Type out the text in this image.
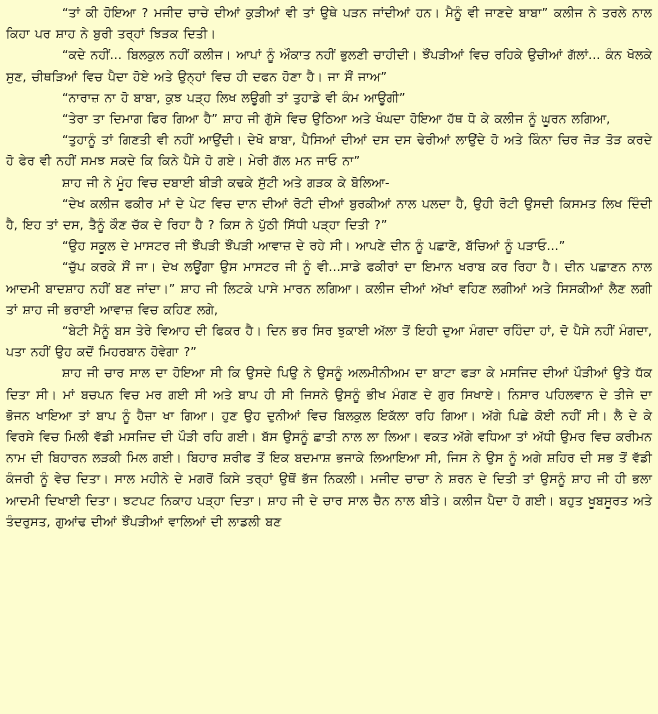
“ਤਾਂ ਕੀ ਹੋਇਆ ? ਮਜੀਦ ਚਾਚੇ ਦੀਆਂ ਕੁੜੀਆਂ ਵੀ ਤਾਂ ਉਥੇ ਪੜਨ ਜਾਂਦੀਆਂ ਹਨ। ਮੈਨੂੰ ਵੀ ਜਾਣਦੇ ਬਾਬਾ” ਕਲੀਜ ਨੇ ਤਰਲੇ ਨਾਲ ਕਿਹਾ ਪਰ ਸ਼ਾਹ ਨੇ ਬੁਰੀ ਤਰ੍ਹਾਂ ਝਿੜਕ ਦਿਤੀ।

“ਕਦੇ ਨਹੀਂ... ਬਿਲਕੁਲ ਨਹੀਂ ਕਲੀਜ। ਆਪਾਂ ਨੂੰ ਔਕਾਤ ਨਹੀਂ ਭੁਲਣੀ ਚਾਹੀਦੀ। ਝੌਂਪੜੀਆਂ ਵਿਚ ਰਹਿਕੇ ਉਚੀਆਂ ਗੱਲਾਂ... ਕੰਨ ਖੋਲਕੇ ਸੁਣ, ਚੀਥੜਿਆਂ ਵਿਚ ਪੈਦਾ ਹੋਏ ਅਤੇ ਉਨ੍ਹਾਂ ਵਿਚ ਹੀ ਦਫਨ ਹੋਣਾ ਹੈ। ਜਾ ਸੌਂ ਜਾਅ”

“ਨਾਰਾਜ਼ ਨਾ ਹੋ ਬਾਬਾ, ਕੁਝ ਪੜ੍ਹ ਲਿਖ ਲਊਗੀ ਤਾਂ ਤੁਹਾਡੇ ਵੀ ਕੰਮ ਆਊਗੀ”

“ਤੇਰਾ ਤਾ ਦਿਮਾਗ ਫਿਰ ਗਿਆ ਹੈ” ਸ਼ਾਹ ਜੀ ਗੁੱਸੇ ਵਿਚ ਉਠਿਆ ਅਤੇ ਖੰਘਦਾ ਹੋਇਆ ਹੱਥ ਧੋ ਕੇ ਕਲੀਜ ਨੂੰ ਘੂਰਨ ਲਗਿਆ,

“ਤੁਹਾਨੂੰ ਤਾਂ ਗਿਣਤੀ ਵੀ ਨਹੀਂ ਆਉਂਦੀ। ਦੇਖੋ ਬਾਬਾ, ਪੈਸਿਆਂ ਦੀਆਂ ਦਸ ਦਸ ਢੇਰੀਆਂ ਲਾਉਂਦੇ ਹੋ ਅਤੇ ਕਿੰਨਾ ਚਿਰ ਜੋੜ ਤੋੜ ਕਰਦੇ ਹੋ ਫੇਰ ਵੀ ਨਹੀਂ ਸਮਝ ਸਕਦੇ ਕਿ ਕਿਨੇ ਪੈਸੇ ਹੋ ਗਏ। ਮੇਰੀ ਗੱਲ ਮਨ ਜਾਓ ਨਾ”

ਸ਼ਾਹ ਜੀ ਨੇ ਮੂੰਹ ਵਿਚ ਦਬਾਈ ਬੀੜੀ ਕਢਕੇ ਸੁੱਟੀ ਅਤੇ ਗੜਕ ਕੇ ਬੋਲਿਆ-

“ਦੇਖ ਕਲੀਜ ਫਕੀਰ ਮਾਂ ਦੇ ਪੇਟ ਵਿਚ ਦਾਨ ਦੀਆਂ ਰੋਟੀ ਦੀਆਂ ਬੁਰਕੀਆਂ ਨਾਲ ਪਲਦਾ ਹੈ, ਉਹੀ ਰੋਟੀ ਉਸਦੀ ਕਿਸਮਤ ਲਿਖ ਦਿੰਦੀ ਹੈ, ਇਹ ਤਾਂ ਦਸ, ਤੈਨੂੰ ਕੌਣ ਚੱਕ ਦੇ ਰਿਹਾ ਹੈ ? ਕਿਸ ਨੇ ਪੁੱਠੀ ਸਿੱਧੀ ਪੜ੍ਹਾ ਦਿਤੀ ?”

“ਉਹ ਸਕੂਲ ਦੇ ਮਾਸਟਰ ਜੀ ਝੌਂਪੜੀ ਝੌਂਪੜੀ ਆਵਾਜ਼ ਦੇ ਰਹੇ ਸੀ। ਆਪਣੇ ਦੀਨ ਨੂੰ ਪਛਾਣੋ, ਬੱਚਿਆਂ ਨੂੰ ਪੜਾਓ...”

“ਚੁੱਪ ਕਰਕੇ ਸੌਂ ਜਾ। ਦੇਖ ਲਊਂਗਾ ਉਸ ਮਾਸਟਰ ਜੀ ਨੂੰ ਵੀ...ਸਾਡੇ ਫਕੀਰਾਂ ਦਾ ਇਮਾਨ ਖਰਾਬ ਕਰ ਰਿਹਾ ਹੈ। ਦੀਨ ਪਛਾਣਨ ਨਾਲ ਆਦਮੀ ਬਾਦਸ਼ਾਹ ਨਹੀਂ ਬਣ ਜਾਂਦਾ।” ਸ਼ਾਹ ਜੀ ਲਿਟਕੇ ਪਾਸੇ ਮਾਰਨ ਲਗਿਆ। ਕਲੀਜ ਦੀਆਂ ਅੱਖਾਂ ਵਹਿਣ ਲਗੀਆਂ ਅਤੇ ਸਿਸਕੀਆਂ ਲੈਣ ਲਗੀ ਤਾਂ ਸ਼ਾਹ ਜੀ ਭਰਾਈ ਆਵਾਜ਼ ਵਿਚ ਕਹਿਣ ਲਗੇ,

“ਬੇਟੀ ਮੈਨੂੰ ਬਸ ਤੇਰੇ ਵਿਆਹ ਦੀ ਫਿਕਰ ਹੈ। ਦਿਨ ਭਰ ਸਿਰ ਝੁਕਾਈ ਅੱਲਾ ਤੋਂ ਇਹੀ ਦੁਆ ਮੰਗਦਾ ਰਹਿੰਦਾ ਹਾਂ, ਦੋ ਪੈਸੇ ਨਹੀਂ ਮੰਗਦਾ, ਪਤਾ ਨਹੀਂ ਉਹ ਕਦੋਂ ਮਿਹਰਬਾਨ ਹੋਵੇਗਾ ?”

ਸ਼ਾਹ ਜੀ ਚਾਰ ਸਾਲ ਦਾ ਹੋਇਆ ਸੀ ਕਿ ਉਸਦੇ ਪਿਉ ਨੇ ਉਸਨੂੰ ਅਲਮੀਨੀਅਮ ਦਾ ਬਾਟਾ ਫੜਾ ਕੇ ਮਸਜਿਦ ਦੀਆਂ ਪੌੜੀਆਂ ਉਤੇ ਧੱਕ ਦਿਤਾ ਸੀ। ਮਾਂ ਬਚਪਨ ਵਿਚ ਮਰ ਗਈ ਸੀ ਅਤੇ ਬਾਪ ਹੀ ਸੀ ਜਿਸਨੇ ਉਸਨੂੰ ਭੀਖ ਮੰਗਣ ਦੇ ਗੁਰ ਸਿਖਾਏ। ਨਿਸਾਰ ਪਹਿਲਵਾਨ ਦੇ ਤੀਜੇ ਦਾ ਭੋਜਨ ਖਾਇਆ ਤਾਂ ਬਾਪ ਨੂੰ ਹੈਜ਼ਾ ਖਾ ਗਿਆ। ਹੁਣ ਉਹ ਦੁਨੀਆਂ ਵਿਚ ਬਿਲਕੁਲ ਇਕੱਲਾ ਰਹਿ ਗਿਆ। ਅੱਗੇ ਪਿਛੇ ਕੋਈ ਨਹੀਂ ਸੀ। ਲੈ ਦੇ ਕੇ ਵਿਰਸੇ ਵਿਚ ਮਿਲੀ ਵੱਡੀ ਮਸਜਿਦ ਦੀ ਪੌੜੀ ਰਹਿ ਗਈ। ਬੱਸ ਉਸਨੂੰ ਛਾਤੀ ਨਾਲ ਲਾ ਲਿਆ। ਵਕਤ ਅੱਗੇ ਵਧਿਆ ਤਾਂ ਅੱਧੀ ਉਮਰ ਵਿਚ ਕਰੀਮਨ ਨਾਮ ਦੀ ਬਿਹਾਰਨ ਲੜਕੀ ਮਿਲ ਗਈ। ਬਿਹਾਰ ਸ਼ਰੀਫ ਤੋਂ ਇਕ ਬਦਮਾਸ਼ ਭਜਾਕੇ ਲਿਆਇਆ ਸੀ, ਜਿਸ ਨੇ ਉਸ ਨੂੰ ਅਗੇ ਸ਼ਹਿਰ ਦੀ ਸਭ ਤੋਂ ਵੱਡੀ ਕੰਜਰੀ ਨੂੰ ਵੇਚ ਦਿਤਾ। ਸਾਲ ਮਹੀਨੇ ਦੇ ਮਗਰੋਂ ਕਿਸੇ ਤਰ੍ਹਾਂ ਉਥੋਂ ਭੱਜ ਨਿਕਲੀ। ਮਜੀਦ ਚਾਚਾ ਨੇ ਸ਼ਰਨ ਦੇ ਦਿਤੀ ਤਾਂ ਉਸਨੂੰ ਸ਼ਾਹ ਜੀ ਹੀ ਭਲਾ ਆਦਮੀ ਦਿਖਾਈ ਦਿਤਾ। ਝਟਪਟ ਨਿਕਾਹ ਪੜ੍ਹਾ ਦਿਤਾ। ਸ਼ਾਹ ਜੀ ਦੇ ਚਾਰ ਸਾਲ ਚੈਨ ਨਾਲ ਬੀਤੇ। ਕਲੀਜ ਪੈਦਾ ਹੋ ਗਈ। ਬਹੁਤ ਖੂਬਸੂਰਤ ਅਤੇ ਤੰਦਰੁਸਤ, ਗੁਆਂਢ ਦੀਆਂ ਝੌਂਪੜੀਆਂ ਵਾਲਿਆਂ ਦੀ ਲਾਡਲੀ ਬਣ
